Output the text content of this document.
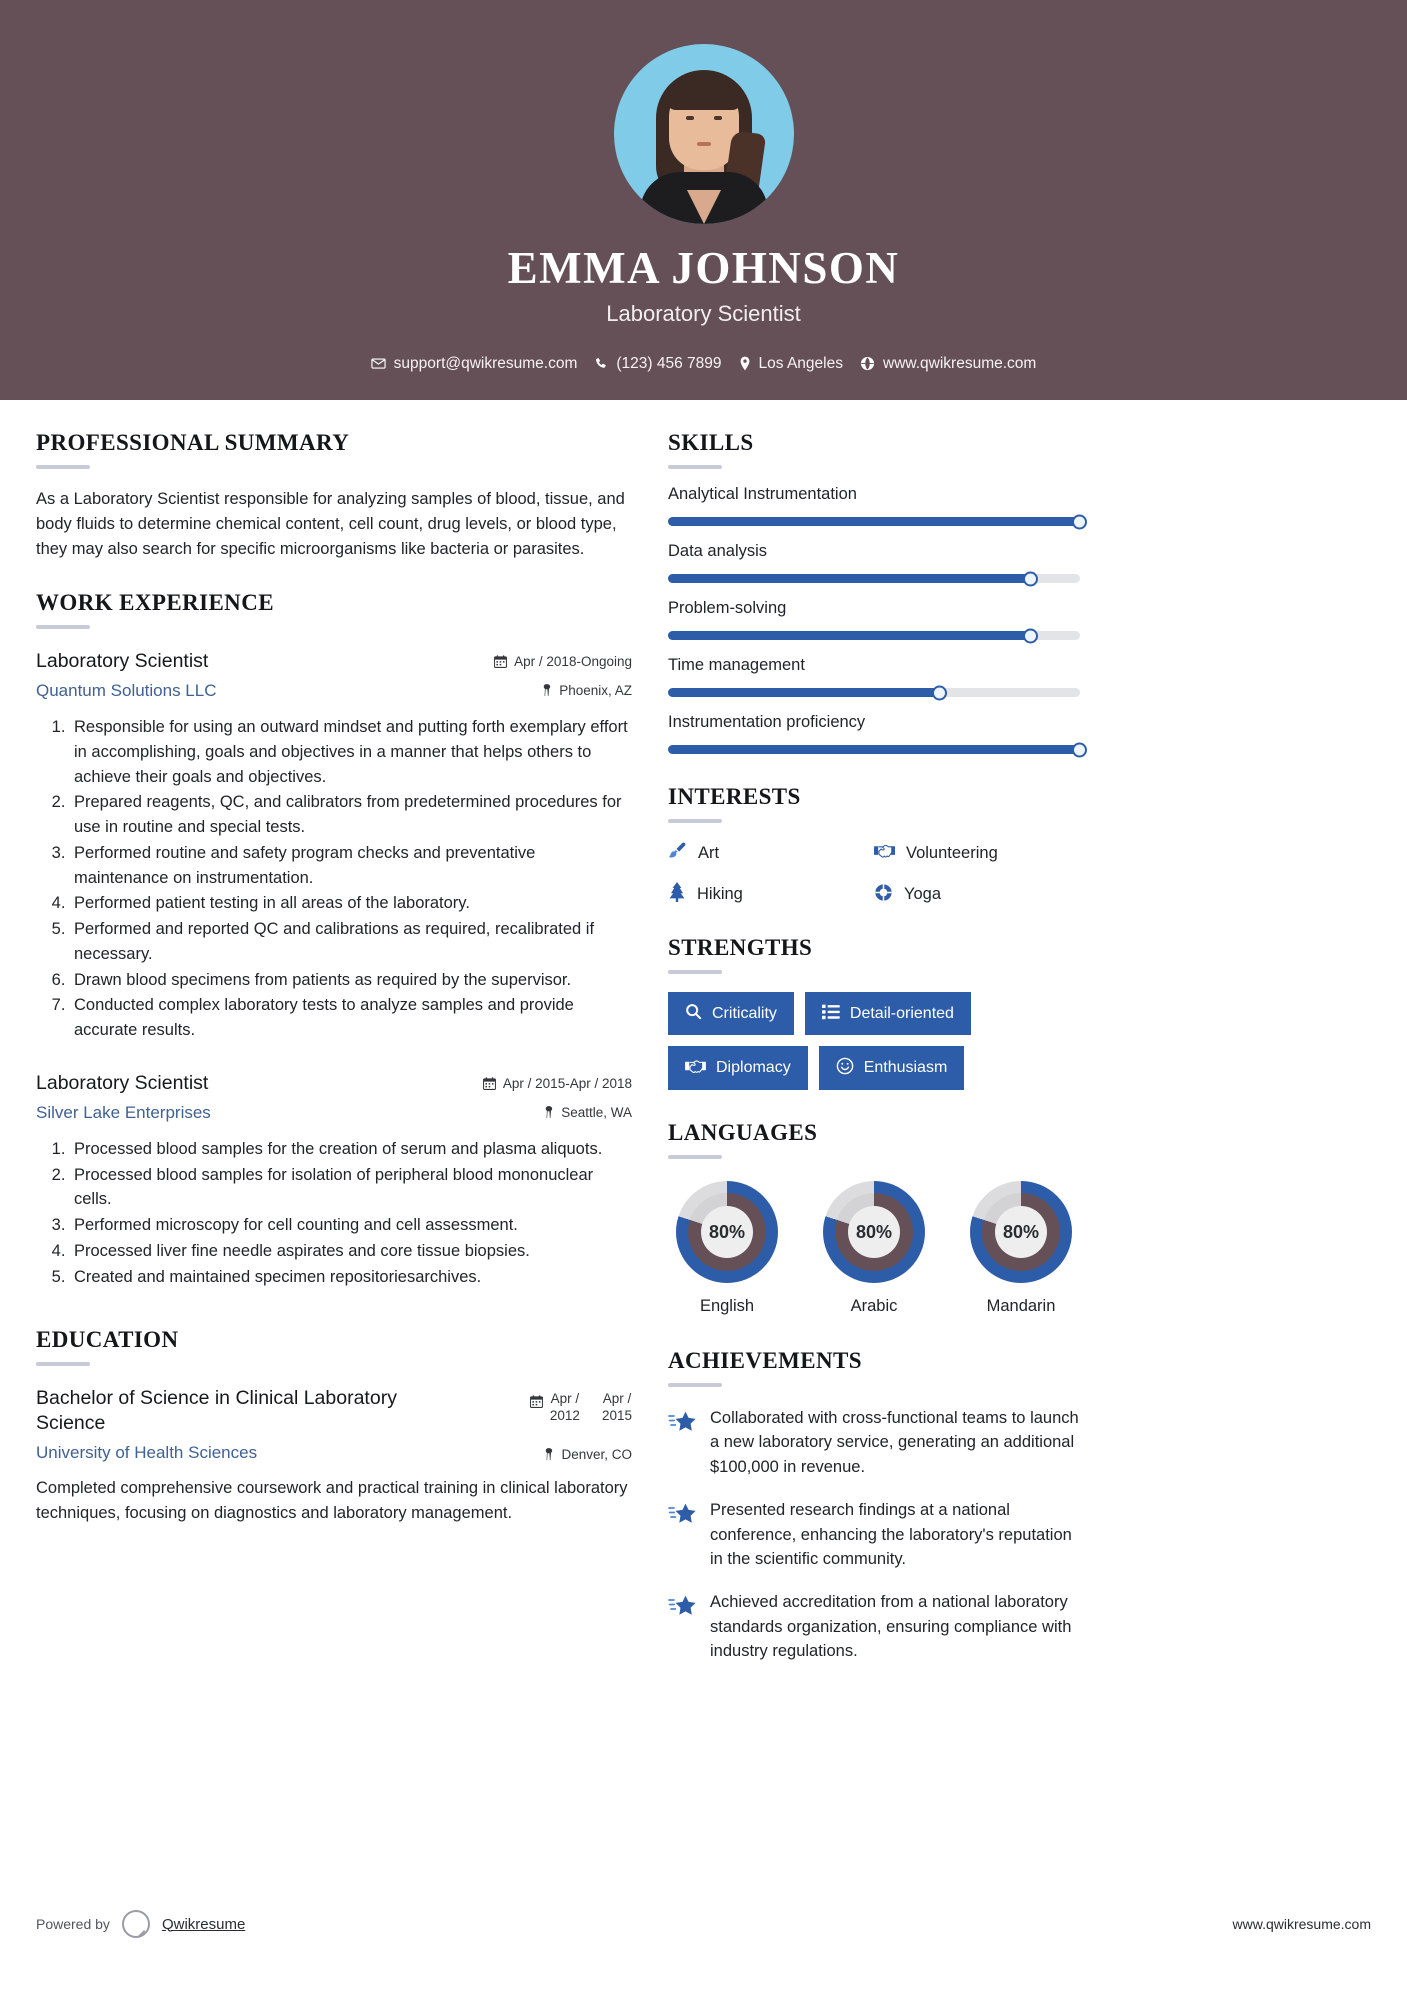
EMMA JOHNSON
Laboratory Scientist
support@qwikresume.com	(123) 456 7899 Los Angeles	www.qwikresume.com
PROFESSIONAL SUMMARY
As a Laboratory Scientist responsible for analyzing samples of blood, tissue, and body fluids to determine chemical content, cell count, drug levels, or blood type, they may also search for specific microorganisms like bacteria or parasites.
WORK EXPERIENCE
Laboratory Scientist
Quantum Solutions LLC
Apr / 2018-Ongoing
Phoenix, AZ
1. Responsible for using an outward mindset and putting forth exemplary effort in accomplishing, goals and objectives in a manner that helps others to achieve their goals and objectives.
2. Prepared reagents, QC, and calibrators from predetermined procedures for use in routine and special tests.
3. Performed routine and safety program checks and preventative maintenance on instrumentation.
4. Performed patient testing in all areas of the laboratory.
5. Performed and reported QC and calibrations as required, recalibrated if necessary.
6. Drawn blood specimens from patients as required by the supervisor.
7. Conducted complex laboratory tests to analyze samples and provide accurate results.
Laboratory Scientist
Silver Lake Enterprises
Apr / 2015-Apr / 2018
Seattle, WA
1. Processed blood samples for the creation of serum and plasma aliquots.
2. Processed blood samples for isolation of peripheral blood mononuclear cells.
3. Performed microscopy for cell counting and cell assessment.
4. Processed liver fine needle aspirates and core tissue biopsies.
5. Created and maintained specimen repositoriesarchives.
EDUCATION
Bachelor of Science in Clinical Laboratory Science
University of Health Sciences
Apr /
2012
Apr /
2015
Denver, CO
Completed comprehensive coursework and practical training in clinical laboratory techniques, focusing on diagnostics and laboratory management.
SKILLS
Analytical Instrumentation
Data analysis
Problem-solving
Time management
Instrumentation proficiency
INTERESTS
Art	Volunteering
Hiking	Yoga
STRENGTHS
Criticality	Detail-oriented
Diplomacy	Enthusiasm
LANGUAGES
80%
English
80%
Arabic
80%
Mandarin
ACHIEVEMENTS
Collaborated with cross-functional teams to launch a new laboratory service, generating an additional $100,000 in revenue.
Presented research findings at a national conference, enhancing the laboratory's reputation in the scientific community.
Achieved accreditation from a national laboratory standards organization, ensuring compliance with industry regulations.
Powered by	Qwikresume	www.qwikresume.com
